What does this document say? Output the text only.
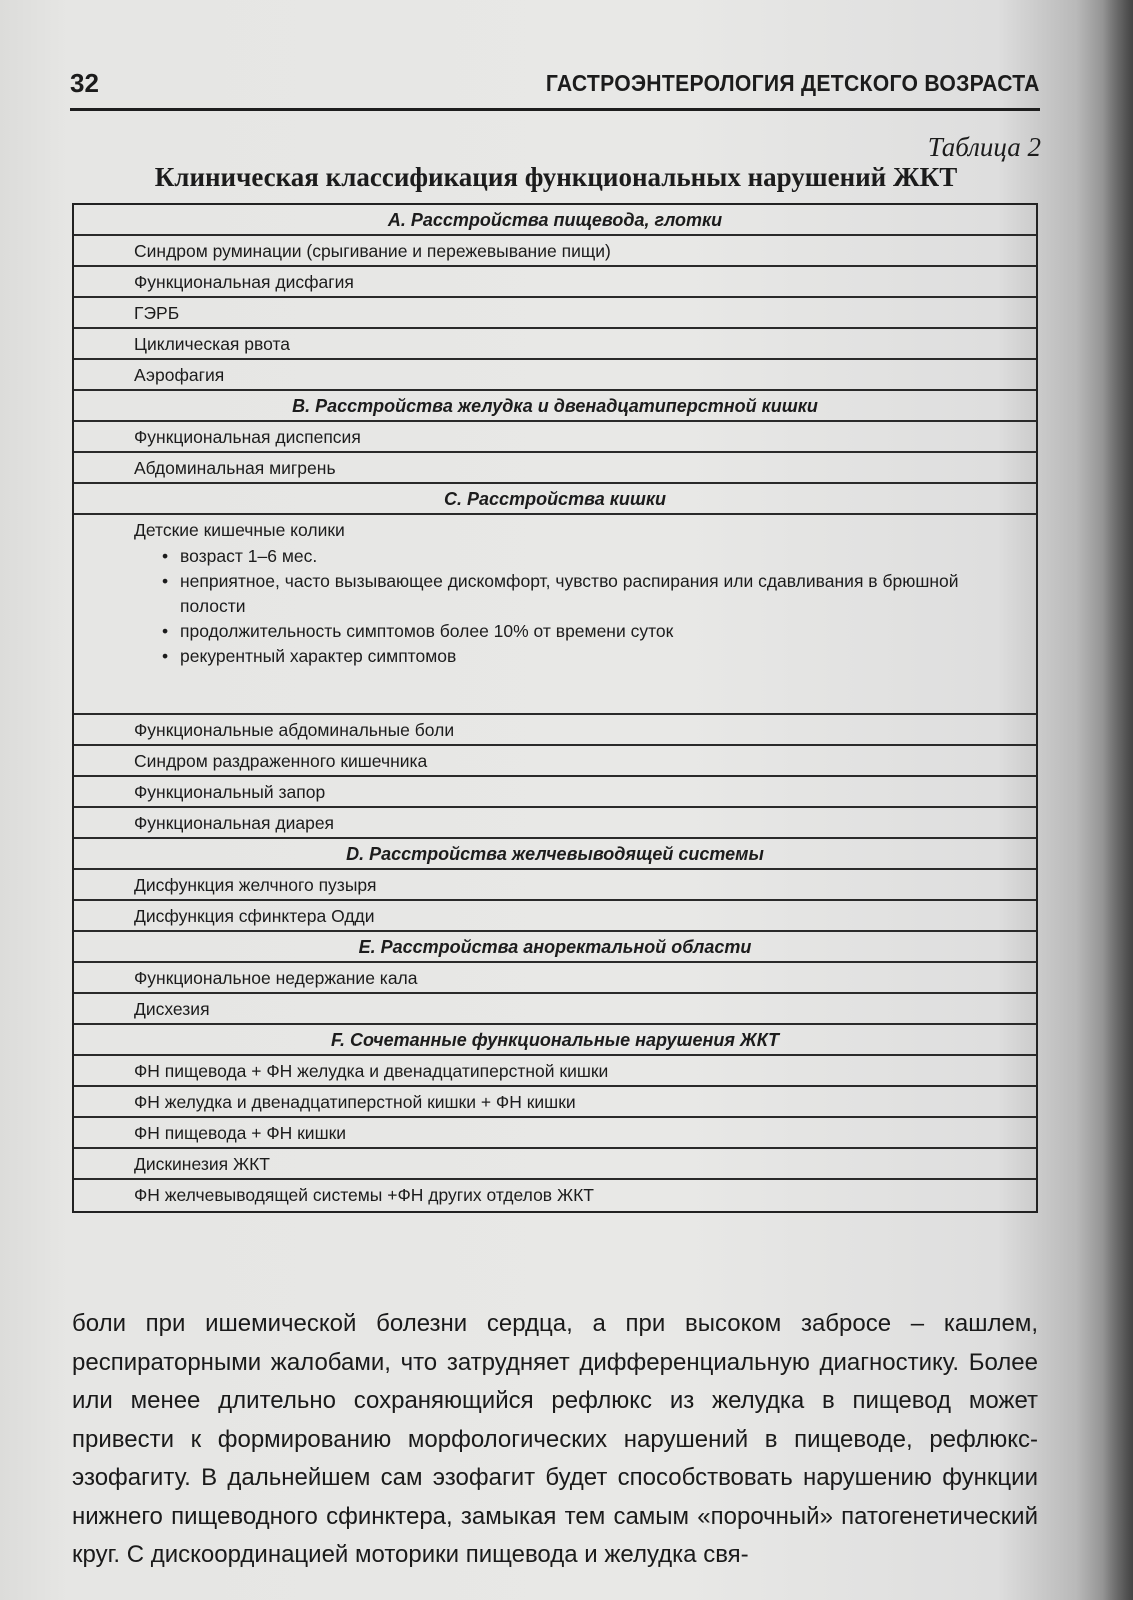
32	ГАСТРОЭНТЕРОЛОГИЯ ДЕТСКОГО ВОЗРАСТА
Таблица 2
Клиническая классификация функциональных нарушений ЖКТ
A. Расстройства пищевода, глотки
Синдром руминации (срыгивание и пережевывание пищи)
Функциональная дисфагия
ГЭРБ
Циклическая рвота
Аэрофагия
B. Расстройства желудка и двенадцатиперстной кишки
Функциональная диспепсия
Абдоминальная мигрень
C. Расстройства кишки
Детские кишечные колики
• возраст 1–6 мес.
• неприятное, часто вызывающее дискомфорт, чувство распирания или сдавливания в брюшной полости
• продолжительность симптомов более 10% от времени суток
• рекурентный характер симптомов
Функциональные абдоминальные боли
Синдром раздраженного кишечника
Функциональный запор
Функциональная диарея
D. Расстройства желчевыводящей системы
Дисфункция желчного пузыря
Дисфункция сфинктера Одди
E. Расстройства аноректальной области
Функциональное недержание кала
Дисхезия
F. Сочетанные функциональные нарушения ЖКТ
ФН пищевода + ФН желудка и двенадцатиперстной кишки
ФН желудка и двенадцатиперстной кишки + ФН кишки
ФН пищевода + ФН кишки
Дискинезия ЖКТ
ФН желчевыводящей системы +ФН других отделов ЖКТ

боли при ишемической болезни сердца, а при высоком забросе – кашлем, респираторными жалобами, что затрудняет дифференциальную диагностику. Более или менее длительно сохраняющийся рефлюкс из желудка в пищевод может привести к формированию морфологических нарушений в пищеводе, рефлюкс-эзофагиту. В дальнейшем сам эзофагит будет способствовать нарушению функции нижнего пищеводного сфинктера, замыкая тем самым «порочный» патогенетический круг. С дискоординацией моторики пищевода и желудка свя-
